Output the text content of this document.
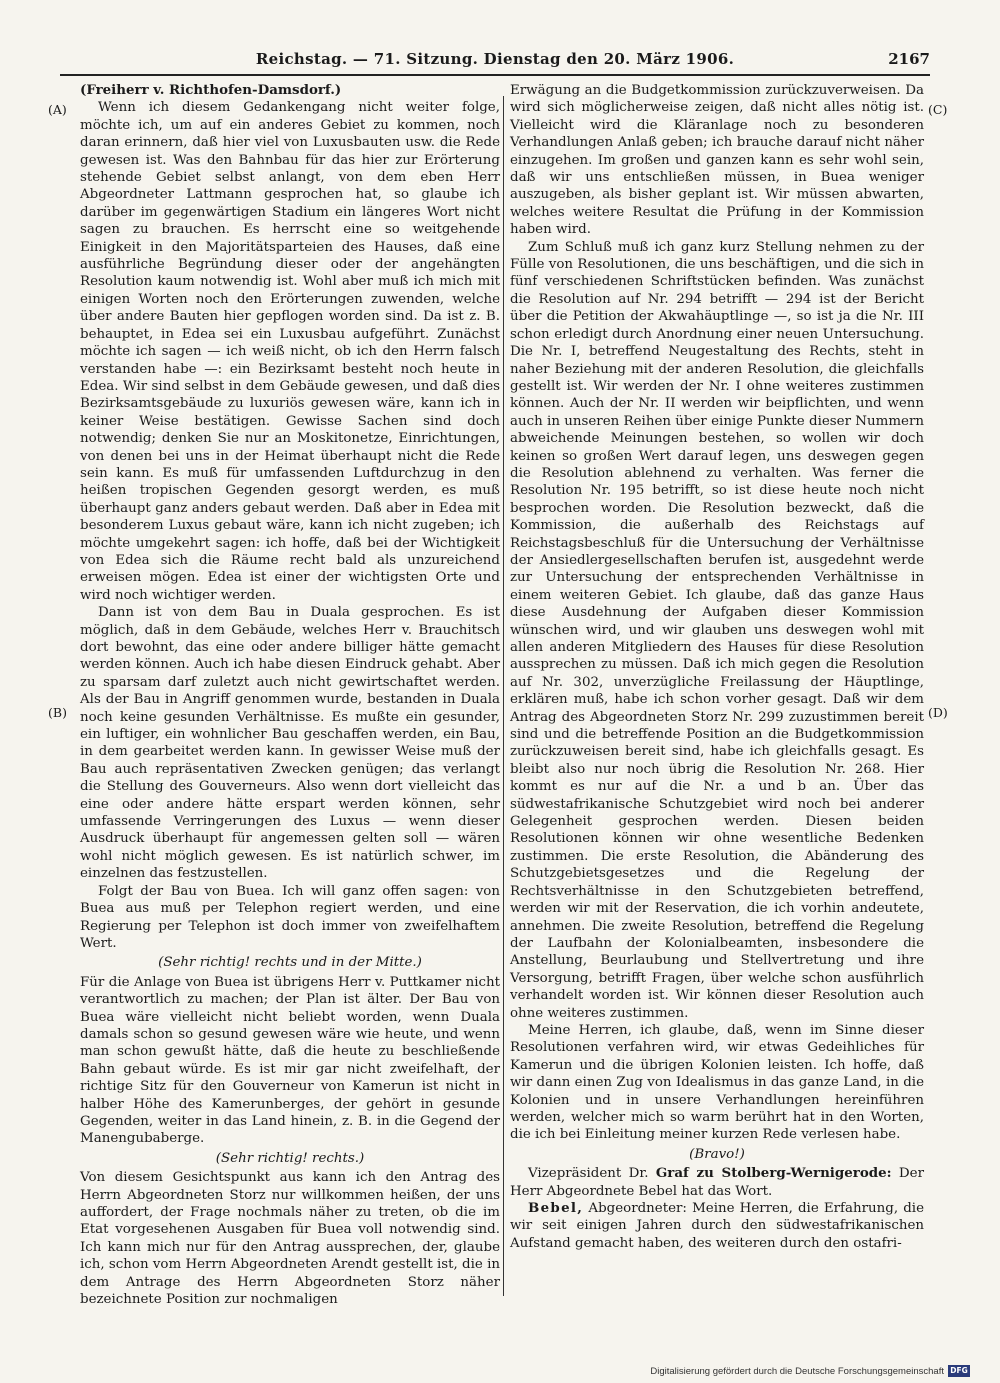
Reichstag. — 71. Sitzung. Dienstag den 20. März 1906.	2167
(A)
(B)
(C)
(D)

(Freiherr v. Richthofen-Damsdorf.)

Wenn ich diesem Gedankengang nicht weiter folge, möchte ich, um auf ein anderes Gebiet zu kommen, noch daran erinnern, daß hier viel von Luxusbauten usw. die Rede gewesen ist. Was den Bahnbau für das hier zur Erörterung stehende Gebiet selbst anlangt, von dem eben Herr Abgeordneter Lattmann gesprochen hat, so glaube ich darüber im gegenwärtigen Stadium ein längeres Wort nicht sagen zu brauchen. Es herrscht eine so weitgehende Einigkeit in den Majoritätsparteien des Hauses, daß eine ausführliche Begründung dieser oder der angehängten Resolution kaum notwendig ist. Wohl aber muß ich mich mit einigen Worten noch den Erörterungen zuwenden, welche über andere Bauten hier gepflogen worden sind. Da ist z. B. behauptet, in Edea sei ein Luxusbau aufgeführt. Zunächst möchte ich sagen — ich weiß nicht, ob ich den Herrn falsch verstanden habe —: ein Bezirksamt besteht noch heute in Edea. Wir sind selbst in dem Gebäude gewesen, und daß dies Bezirksamtsgebäude zu luxuriös gewesen wäre, kann ich in keiner Weise bestätigen. Gewisse Sachen sind doch notwendig; denken Sie nur an Moskitonetze, Einrichtungen, von denen bei uns in der Heimat überhaupt nicht die Rede sein kann. Es muß für umfassenden Luftdurchzug in den heißen tropischen Gegenden gesorgt werden, es muß überhaupt ganz anders gebaut werden. Daß aber in Edea mit besonderem Luxus gebaut wäre, kann ich nicht zugeben; ich möchte umgekehrt sagen: ich hoffe, daß bei der Wichtigkeit von Edea sich die Räume recht bald als unzureichend erweisen mögen. Edea ist einer der wichtigsten Orte und wird noch wichtiger werden.

Dann ist von dem Bau in Duala gesprochen. Es ist möglich, daß in dem Gebäude, welches Herr v. Brauchitsch dort bewohnt, das eine oder andere billiger hätte gemacht werden können. Auch ich habe diesen Eindruck gehabt. Aber zu sparsam darf zuletzt auch nicht gewirtschaftet werden. Als der Bau in Angriff genommen wurde, bestanden in Duala noch keine gesunden Verhältnisse. Es mußte ein gesunder, ein luftiger, ein wohnlicher Bau geschaffen werden, ein Bau, in dem gearbeitet werden kann. In gewisser Weise muß der Bau auch repräsentativen Zwecken genügen; das verlangt die Stellung des Gouverneurs. Also wenn dort vielleicht das eine oder andere hätte erspart werden können, sehr umfassende Verringerungen des Luxus — wenn dieser Ausdruck überhaupt für angemessen gelten soll — wären wohl nicht möglich gewesen. Es ist natürlich schwer, im einzelnen das festzustellen.

Folgt der Bau von Buea. Ich will ganz offen sagen: von Buea aus muß per Telephon regiert werden, und eine Regierung per Telephon ist doch immer von zweifelhaftem Wert.

(Sehr richtig! rechts und in der Mitte.)

Für die Anlage von Buea ist übrigens Herr v. Puttkamer nicht verantwortlich zu machen; der Plan ist älter. Der Bau von Buea wäre vielleicht nicht beliebt worden, wenn Duala damals schon so gesund gewesen wäre wie heute, und wenn man schon gewußt hätte, daß die heute zu beschließende Bahn gebaut würde. Es ist mir gar nicht zweifelhaft, der richtige Sitz für den Gouverneur von Kamerun ist nicht in halber Höhe des Kamerunberges, der gehört in gesunde Gegenden, weiter in das Land hinein, z. B. in die Gegend der Manengubaberge.

(Sehr richtig! rechts.)

Von diesem Gesichtspunkt aus kann ich den Antrag des Herrn Abgeordneten Storz nur willkommen heißen, der uns auffordert, der Frage nochmals näher zu treten, ob die im Etat vorgesehenen Ausgaben für Buea voll notwendig sind. Ich kann mich nur für den Antrag aussprechen, der, glaube ich, schon vom Herrn Abgeordneten Arendt gestellt ist, die in dem Antrage des Herrn Abgeordneten Storz näher bezeichnete Position zur nochmaligen

Erwägung an die Budgetkommission zurückzuverweisen. Da wird sich möglicherweise zeigen, daß nicht alles nötig ist. Vielleicht wird die Kläranlage noch zu besonderen Verhandlungen Anlaß geben; ich brauche darauf nicht näher einzugehen. Im großen und ganzen kann es sehr wohl sein, daß wir uns entschließen müssen, in Buea weniger auszugeben, als bisher geplant ist. Wir müssen abwarten, welches weitere Resultat die Prüfung in der Kommission haben wird.

Zum Schluß muß ich ganz kurz Stellung nehmen zu der Fülle von Resolutionen, die uns beschäftigen, und die sich in fünf verschiedenen Schriftstücken befinden. Was zunächst die Resolution auf Nr. 294 betrifft — 294 ist der Bericht über die Petition der Akwahäuptlinge —, so ist ja die Nr. III schon erledigt durch Anordnung einer neuen Untersuchung. Die Nr. I, betreffend Neugestaltung des Rechts, steht in naher Beziehung mit der anderen Resolution, die gleichfalls gestellt ist. Wir werden der Nr. I ohne weiteres zustimmen können. Auch der Nr. II werden wir beipflichten, und wenn auch in unseren Reihen über einige Punkte dieser Nummern abweichende Meinungen bestehen, so wollen wir doch keinen so großen Wert darauf legen, uns deswegen gegen die Resolution ablehnend zu verhalten. Was ferner die Resolution Nr. 195 betrifft, so ist diese heute noch nicht besprochen worden. Die Resolution bezweckt, daß die Kommission, die außerhalb des Reichstags auf Reichstagsbeschluß für die Untersuchung der Verhältnisse der Ansiedlergesellschaften berufen ist, ausgedehnt werde zur Untersuchung der entsprechenden Verhältnisse in einem weiteren Gebiet. Ich glaube, daß das ganze Haus diese Ausdehnung der Aufgaben dieser Kommission wünschen wird, und wir glauben uns deswegen wohl mit allen anderen Mitgliedern des Hauses für diese Resolution aussprechen zu müssen. Daß ich mich gegen die Resolution auf Nr. 302, unverzügliche Freilassung der Häuptlinge, erklären muß, habe ich schon vorher gesagt. Daß wir dem Antrag des Abgeordneten Storz Nr. 299 zuzustimmen bereit sind und die betreffende Position an die Budgetkommission zurückzuweisen bereit sind, habe ich gleichfalls gesagt. Es bleibt also nur noch übrig die Resolution Nr. 268. Hier kommt es nur auf die Nr. a und b an. Über das südwestafrikanische Schutzgebiet wird noch bei anderer Gelegenheit gesprochen werden. Diesen beiden Resolutionen können wir ohne wesentliche Bedenken zustimmen. Die erste Resolution, die Abänderung des Schutzgebietsgesetzes und die Regelung der Rechtsverhältnisse in den Schutzgebieten betreffend, werden wir mit der Reservation, die ich vorhin andeutete, annehmen. Die zweite Resolution, betreffend die Regelung der Laufbahn der Kolonialbeamten, insbesondere die Anstellung, Beurlaubung und Stellvertretung und ihre Versorgung, betrifft Fragen, über welche schon ausführlich verhandelt worden ist. Wir können dieser Resolution auch ohne weiteres zustimmen.

Meine Herren, ich glaube, daß, wenn im Sinne dieser Resolutionen verfahren wird, wir etwas Gedeihliches für Kamerun und die übrigen Kolonien leisten. Ich hoffe, daß wir dann einen Zug von Idealismus in das ganze Land, in die Kolonien und in unsere Verhandlungen hereinführen werden, welcher mich so warm berührt hat in den Worten, die ich bei Einleitung meiner kurzen Rede verlesen habe.

(Bravo!)

Vizepräsident Dr. Graf zu Stolberg-Wernigerode: Der Herr Abgeordnete Bebel hat das Wort.

Bebel, Abgeordneter: Meine Herren, die Erfahrung, die wir seit einigen Jahren durch den südwestafrikanischen Aufstand gemacht haben, des weiteren durch den ostafri-

Digitalisierung gefördert durch die Deutsche Forschungsgemeinschaft DFG
